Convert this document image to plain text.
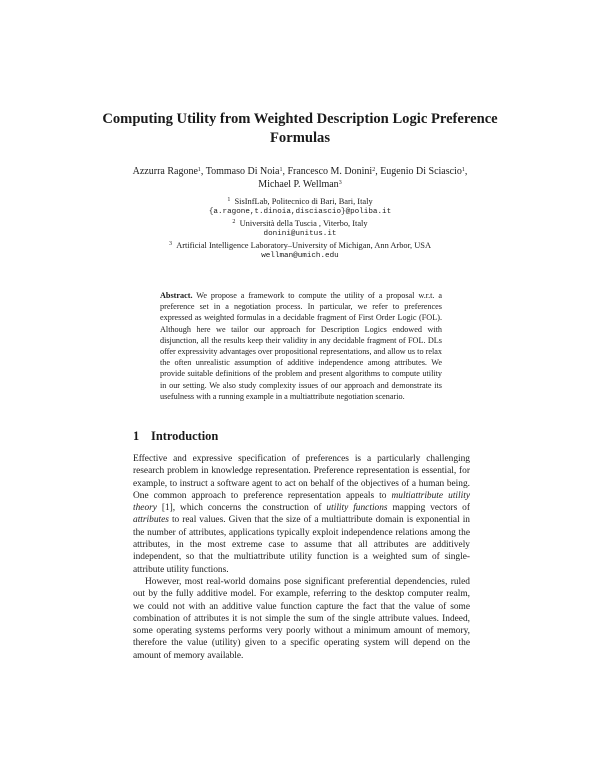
Computing Utility from Weighted Description Logic Preference Formulas
Azzurra Ragone$^1$, Tommaso Di Noia$^1$, Francesco M. Donini$^2$, Eugenio Di Sciascio$^1$,
Michael P. Wellman$^3$
$^1$ SisInfLab, Politecnico di Bari, Bari, Italy
{a.ragone,t.dinoia,disciascio}@poliba.it
$^2$ Università della Tuscia , Viterbo, Italy
donini@unitus.it
$^3$ Artificial Intelligence Laboratory–University of Michigan, Ann Arbor, USA
wellman@umich.edu

Abstract. We propose a framework to compute the utility of a proposal w.r.t. a preference set in a negotiation process. In particular, we refer to preferences expressed as weighted formulas in a decidable fragment of First Order Logic (FOL). Although here we tailor our approach for Description Logics endowed with disjunction, all the results keep their validity in any decidable fragment of FOL. DLs offer expressivity advantages over propositional representations, and allow us to relax the often unrealistic assumption of additive independence among attributes. We provide suitable definitions of the problem and present algorithms to compute utility in our setting. We also study complexity issues of our approach and demonstrate its usefulness with a running example in a multiattribute negotiation scenario.

1 Introduction

Effective and expressive specification of preferences is a particularly challenging research problem in knowledge representation. Preference representation is essential, for example, to instruct a software agent to act on behalf of the objectives of a human being. One common approach to preference representation appeals to multiattribute utility theory [1], which concerns the construction of utility functions mapping vectors of attributes to real values. Given that the size of a multiattribute domain is exponential in the number of attributes, applications typically exploit independence relations among the attributes, in the most extreme case to assume that all attributes are additively independent, so that the multiattribute utility function is a weighted sum of single-attribute utility functions.

However, most real-world domains pose significant preferential dependencies, ruled out by the fully additive model. For example, referring to the desktop computer realm, we could not with an additive value function capture the fact that the value of some combination of attributes it is not simple the sum of the single attribute values. Indeed, some operating systems performs very poorly without a minimum amount of memory, therefore the value (utility) given to a specific operating system will depend on the amount of memory available.
